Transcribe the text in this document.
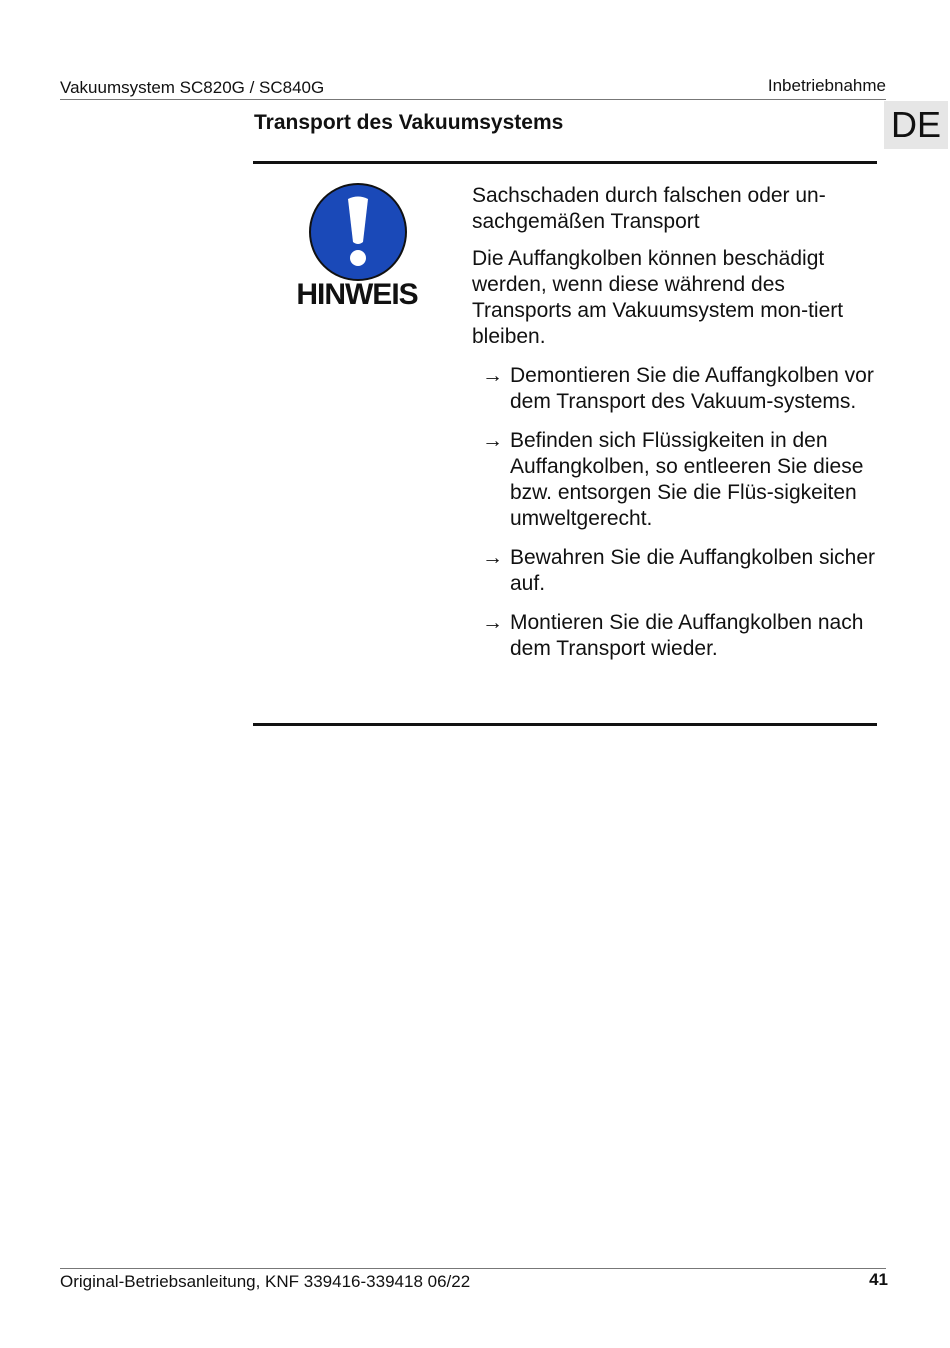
Vakuumsystem SC820G / SC840G	Inbetriebnahme
DE
Transport des Vakuumsystems
HINWEIS
Sachschaden durch falschen oder un-sachgemäßen Transport
Die Auffangkolben können beschädigt werden, wenn diese während des Transports am Vakuumsystem mon-tiert bleiben.
→ Demontieren Sie die Auffangkolben vor dem Transport des Vakuum-systems.
→ Befinden sich Flüssigkeiten in den Auffangkolben, so entleeren Sie diese bzw. entsorgen Sie die Flüs-sigkeiten umweltgerecht.
→ Bewahren Sie die Auffangkolben sicher auf.
→ Montieren Sie die Auffangkolben nach dem Transport wieder.
Original-Betriebsanleitung, KNF 339416-339418 06/22	41
